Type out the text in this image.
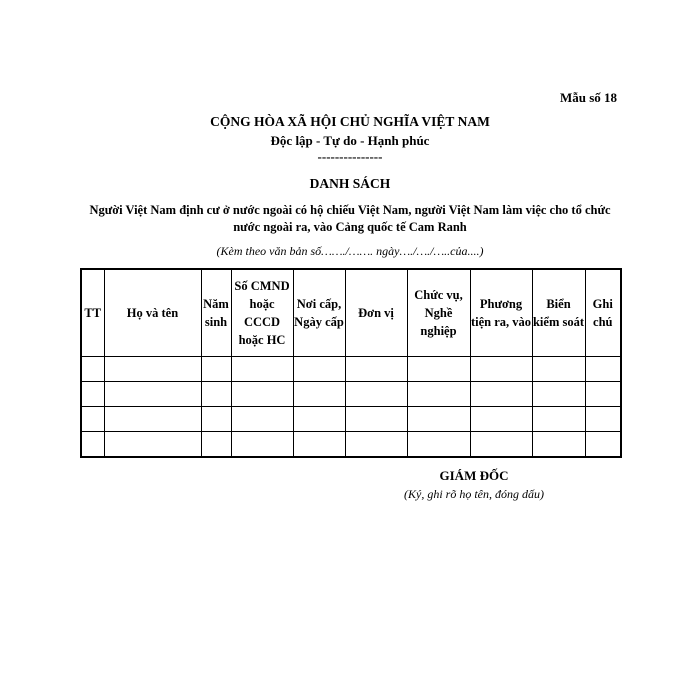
Mẫu số 18
CỘNG HÒA XÃ HỘI CHỦ NGHĨA VIỆT NAM
Độc lập - Tự do - Hạnh phúc
---------------
DANH SÁCH
Người Việt Nam định cư ở nước ngoài có hộ chiếu Việt Nam, người Việt Nam làm việc cho tổ chức nước ngoài ra, vào Cảng quốc tế Cam Ranh
(Kèm theo văn bản số……./……. ngày…./…./…..của....)
TT	Họ và tên	Năm sinh	Số CMND hoặc CCCD hoặc HC	Nơi cấp, Ngày cấp	Đơn vị	Chức vụ, Nghề nghiệp	Phương tiện ra, vào	Biển kiểm soát	Ghi chú

GIÁM ĐỐC
(Ký, ghi rõ họ tên, đóng dấu)
